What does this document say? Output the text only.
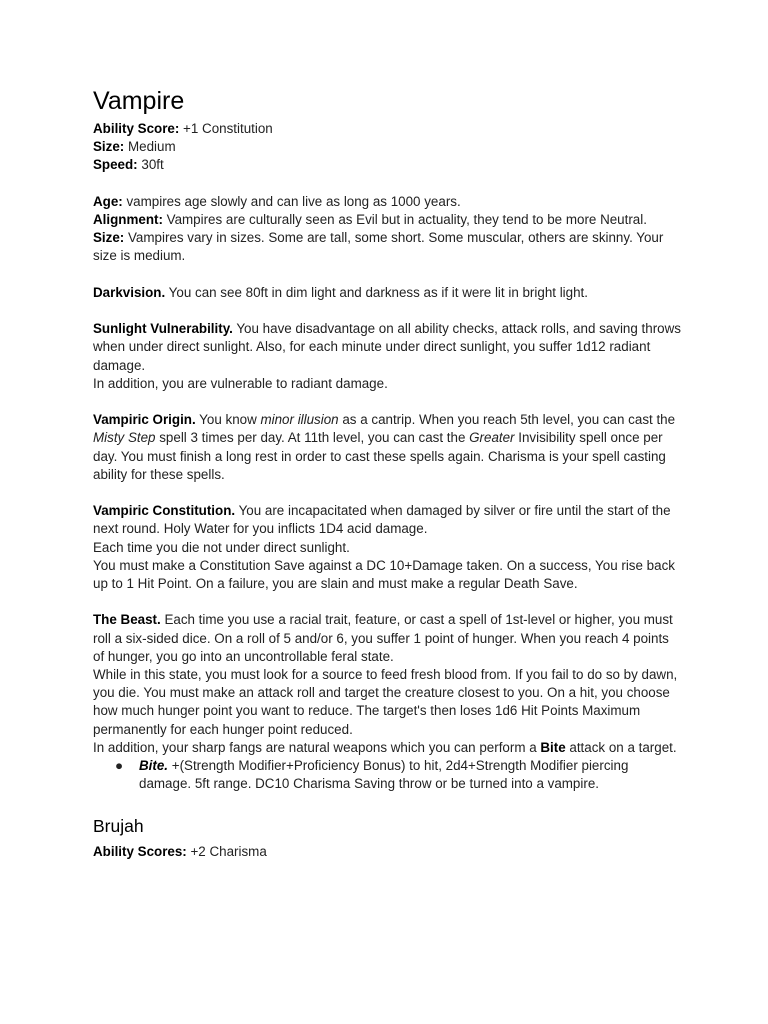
Vampire

Ability Score: +1 Constitution

Size: Medium

Speed: 30ft

Age: vampires age slowly and can live as long as 1000 years.

Alignment: Vampires are culturally seen as Evil but in actuality, they tend to be more Neutral.

Size: Vampires vary in sizes. Some are tall, some short. Some muscular, others are skinny. Your size is medium.

Darkvision. You can see 80ft in dim light and darkness as if it were lit in bright light.

Sunlight Vulnerability. You have disadvantage on all ability checks, attack rolls, and saving throws when under direct sunlight. Also, for each minute under direct sunlight, you suffer 1d12 radiant damage.

In addition, you are vulnerable to radiant damage.

Vampiric Origin. You know minor illusion as a cantrip. When you reach 5th level, you can cast the Misty Step spell 3 times per day. At 11th level, you can cast the Greater Invisibility spell once per day. You must finish a long rest in order to cast these spells again. Charisma is your spell casting ability for these spells.

Vampiric Constitution. You are incapacitated when damaged by silver or fire until the start of the next round. Holy Water for you inflicts 1D4 acid damage.

Each time you die not under direct sunlight.

You must make a Constitution Save against a DC 10+Damage taken. On a success, You rise back up to 1 Hit Point. On a failure, you are slain and must make a regular Death Save.

The Beast. Each time you use a racial trait, feature, or cast a spell of 1st-level or higher, you must roll a six-sided dice. On a roll of 5 and/or 6, you suffer 1 point of hunger. When you reach 4 points of hunger, you go into an uncontrollable feral state.

While in this state, you must look for a source to feed fresh blood from. If you fail to do so by dawn, you die. You must make an attack roll and target the creature closest to you. On a hit, you choose how much hunger point you want to reduce. The target's then loses 1d6 Hit Points Maximum permanently for each hunger point reduced.

In addition, your sharp fangs are natural weapons which you can perform a Bite attack on a target.

●	Bite. +(Strength Modifier+Proficiency Bonus) to hit, 2d4+Strength Modifier piercing damage. 5ft range. DC10 Charisma Saving throw or be turned into a vampire.
Brujah

Ability Scores: +2 Charisma
